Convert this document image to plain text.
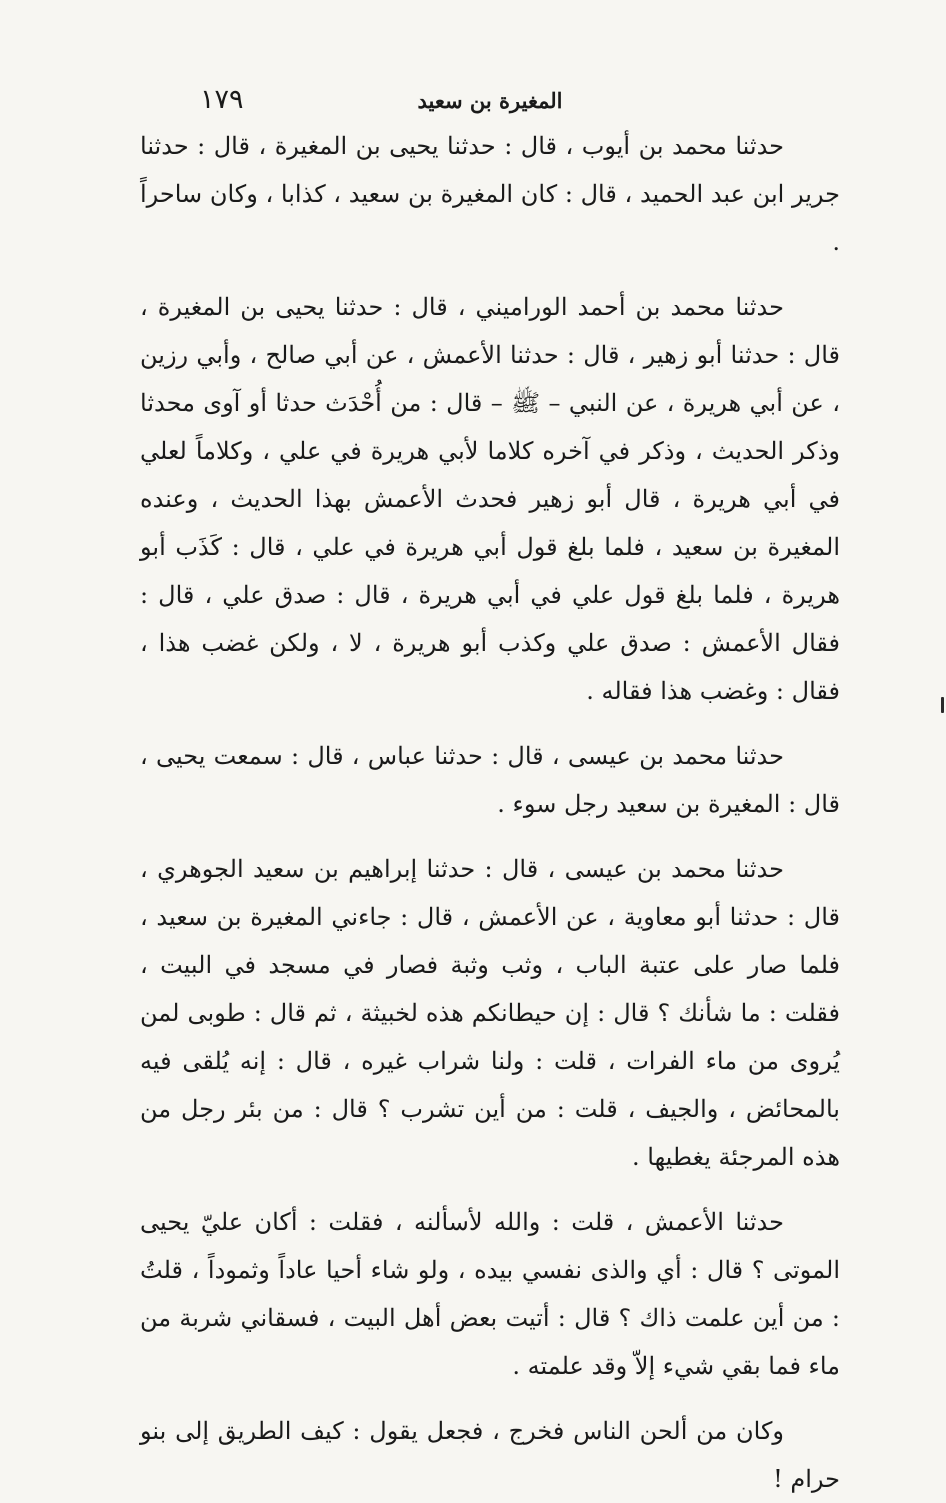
١٧٩	المغيرة بن سعيد

حدثنا محمد بن أيوب ، قال : حدثنا يحيى بن المغيرة ، قال : حدثنا جرير ابن عبد الحميد ، قال : كان المغيرة بن سعيد ، كذابا ، وكان ساحراً .

حدثنا محمد بن أحمد الورامیني ، قال : حدثنا يحيى بن المغيرة ، قال : حدثنا أبو زهير ، قال : حدثنا الأعمش ، عن أبي صالح ، وأبي رزين ، عن أبي هريرة ، عن النبي – ﷺ – قال : من أُحْدَث حدثا أو آوى محدثا وذكر الحديث ، وذكر في آخره كلاما لأبي هريرة في علي ، وكلاماً لعلي في أبي هريرة ، قال أبو زهير فحدث الأعمش بهذا الحديث ، وعنده المغيرة بن سعيد ، فلما بلغ قول أبي هريرة في علي ، قال : كَذَب أبو هريرة ، فلما بلغ قول علي في أبي هريرة ، قال : صدق علي ، قال : فقال الأعمش : صدق علي وكذب أبو هريرة ، لا ، ولكن غضب هذا ، فقال : وغضب هذا فقاله .

حدثنا محمد بن عيسى ، قال : حدثنا عباس ، قال : سمعت يحيى ، قال : المغيرة بن سعيد رجل سوء .

حدثنا محمد بن عيسى ، قال : حدثنا إبراهيم بن سعيد الجوهري ، قال : حدثنا أبو معاوية ، عن الأعمش ، قال : جاءني المغيرة بن سعيد ، فلما صار على عتبة الباب ، وثب وثبة فصار في مسجد في البيت ، فقلت : ما شأنك ؟ قال : إن حيطانكم هذه لخبيثة ، ثم قال : طوبى لمن يُروى من ماء الفرات ، قلت : ولنا شراب غيره ، قال : إنه يُلقى فيه بالمحائض ، والجيف ، قلت : من أين تشرب ؟ قال : من بئر رجل من هذه المرجئة يغطيها .

حدثنا الأعمش ، قلت : والله لأسألنه ، فقلت : أكان عليّ يحيى الموتى ؟ قال : أي والذى نفسي بيده ، ولو شاء أحيا عاداً وثموداً ، قلتُ : من أين علمت ذاك ؟ قال : أتيت بعض أهل البيت ، فسقاني شربة من ماء فما بقي شيء إلاّ وقد علمته .

وكان من ألحن الناس فخرج ، فجعل يقول : كيف الطريق إلى بنو حرام !
